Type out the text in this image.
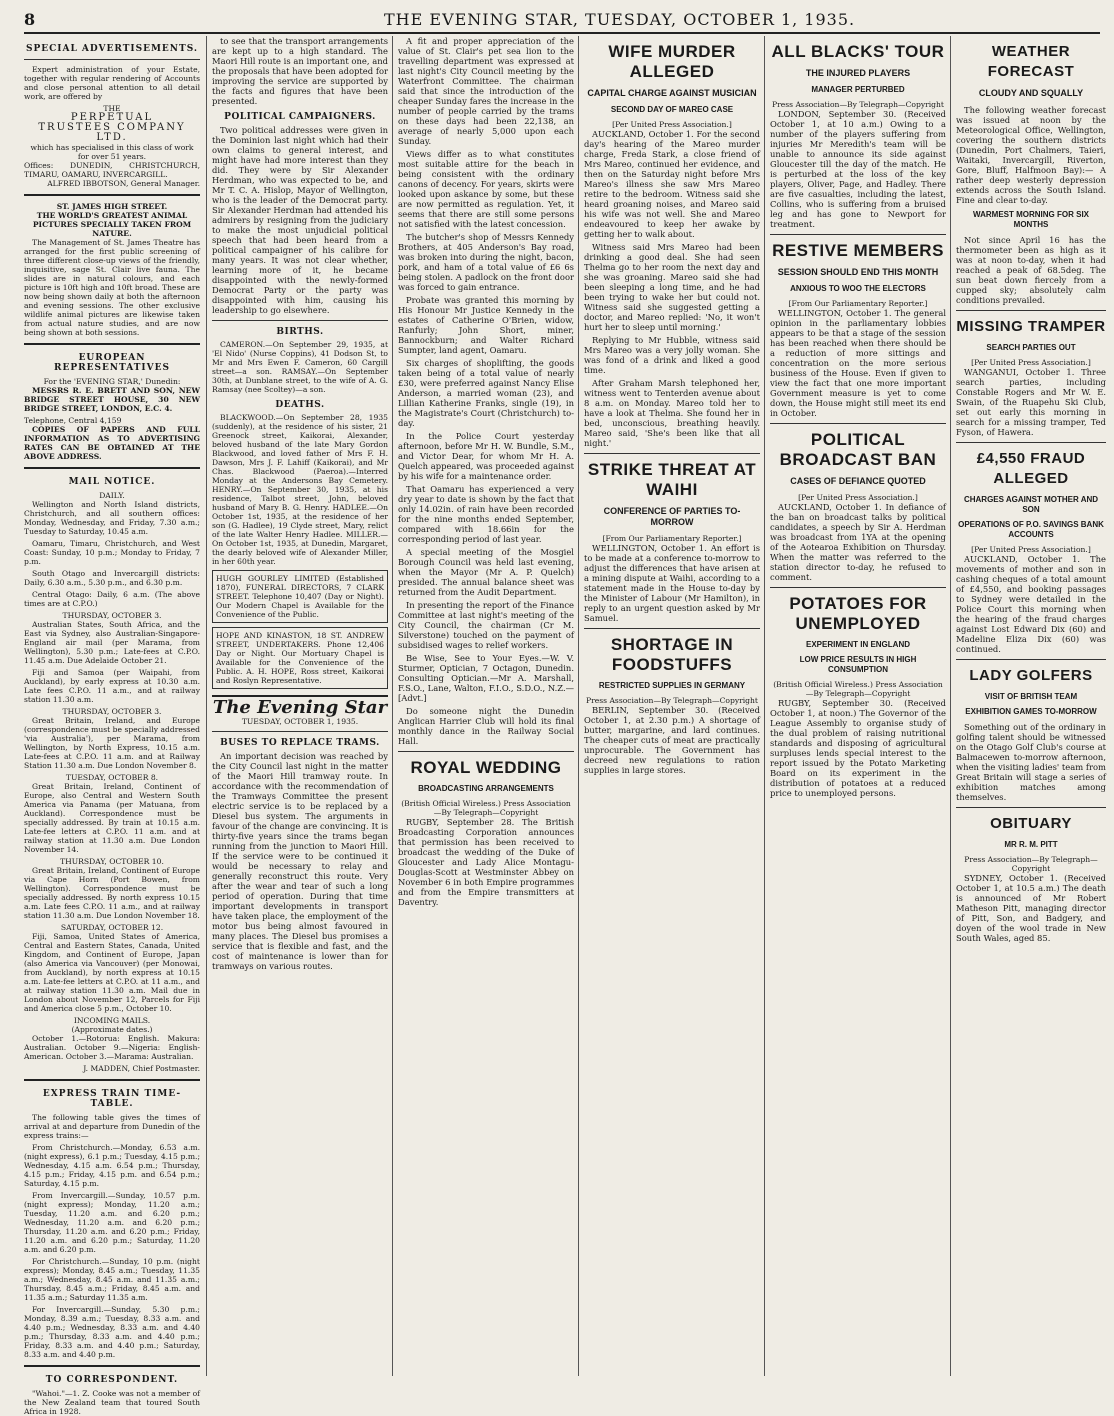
8	THE EVENING STAR, TUESDAY, OCTOBER 1, 1935.
SPECIAL ADVERTISEMENTS.

Expert administration of your Estate, together with regular rendering of Accounts and close personal attention to all detail work, are offered by

THE
PERPETUAL
TRUSTEES COMPANY LTD.
which has specialised in this class of work for over 51 years.
Offices: DUNEDIN, CHRISTCHURCH, TIMARU, OAMARU, INVERCARGILL.
ALFRED IBBOTSON, General Manager.
ST. JAMES HIGH STREET.
THE WORLD'S GREATEST ANIMAL PICTURES SPECIALLY TAKEN FROM NATURE.

The Management of St. James Theatre has arranged for the first public screening of three different close-up views of the friendly, inquisitive, sage St. Clair live fauna. The slides are in natural colours, and each picture is 10ft high and 10ft broad. These are now being shown daily at both the afternoon and evening sessions. The other exclusive wildlife animal pictures are likewise taken from actual nature studies, and are now being shown at both sessions.

EUROPEAN REPRESENTATIVES
For the 'EVENING STAR,' Dunedin:

MESSRS R. E. BRETT AND SON, NEW BRIDGE STREET HOUSE, 30 NEW BRIDGE STREET, LONDON, E.C. 4.

Telephone, Central 4,159

COPIES OF PAPERS AND FULL INFORMATION AS TO ADVERTISING RATES CAN BE OBTAINED AT THE ABOVE ADDRESS.

MAIL NOTICE.
DAILY.

Wellington and North Island districts, Christchurch, and all southern offices: Monday, Wednesday, and Friday, 7.30 a.m.; Tuesday to Saturday, 10.45 a.m.

Oamaru, Timaru, Christchurch, and West Coast: Sunday, 10 p.m.; Monday to Friday, 7 p.m.

South Otago and Invercargill districts: Daily, 6.30 a.m., 5.30 p.m., and 6.30 p.m.

Central Otago: Daily, 6 a.m. (The above times are at C.P.O.)

THURSDAY, OCTOBER 3.

Australian States, South Africa, and the East via Sydney, also Australian-Singapore-England air mail (per Marama, from Wellington), 5.30 p.m.; Late-fees at C.P.O. 11.45 a.m. Due Adelaide October 21.

Fiji and Samoa (per Waipahi, from Auckland), by early express at 10.30 a.m. Late fees C.P.O. 11 a.m., and at railway station 11.30 a.m.

THURSDAY, OCTOBER 3.

Great Britain, Ireland, and Europe (correspondence must be specially addressed 'via Australia'), per Marama, from Wellington, by North Express, 10.15 a.m. Late-fees at C.P.O. 11 a.m. and at Railway Station 11.30 a.m. Due London November 8.

TUESDAY, OCTOBER 8.

Great Britain, Ireland, Continent of Europe, also Central and Western South America via Panama (per Matuana, from Auckland). Correspondence must be specially addressed. By train at 10.15 a.m. Late-fee letters at C.P.O. 11 a.m. and at railway station at 11.30 a.m. Due London November 14.

THURSDAY, OCTOBER 10.

Great Britain, Ireland, Continent of Europe via Cape Horn (Port Bowen, from Wellington). Correspondence must be specially addressed. By north express 10.15 a.m. Late fees C.P.O. 11 a.m., and at railway station 11.30 a.m. Due London November 18.

SATURDAY, OCTOBER 12.

Fiji, Samoa, United States of America, Central and Eastern States, Canada, United Kingdom, and Continent of Europe, Japan (also America via Vancouver) (per Monowai, from Auckland), by north express at 10.15 a.m. Late-fee letters at C.P.O. at 11 a.m., and at railway station 11.30 a.m. Mail due in London about November 12, Parcels for Fiji and America close 5 p.m., October 10.

INCOMING MAILS.
(Approximate dates.)

October 1.—Rotorua: English. Makura: Australian. October 9.—Nigeria: English-American. October 3.—Marama: Australian.

J. MADDEN, Chief Postmaster.
EXPRESS TRAIN TIME-TABLE.

The following table gives the times of arrival at and departure from Dunedin of the express trains:—

From Christchurch.—Monday, 6.53 a.m. (night express), 6.1 p.m.; Tuesday, 4.15 p.m.; Wednesday, 4.15 a.m. 6.54 p.m.; Thursday, 4.15 p.m.; Friday, 4.15 p.m. and 6.54 p.m.; Saturday, 4.15 p.m.

From Invercargill.—Sunday, 10.57 p.m. (night express); Monday, 11.20 a.m.; Tuesday, 11.20 a.m. and 6.20 p.m.; Wednesday, 11.20 a.m. and 6.20 p.m.; Thursday, 11.20 a.m. and 6.20 p.m.; Friday, 11.20 a.m. and 6.20 p.m.; Saturday, 11.20 a.m. and 6.20 p.m.

For Christchurch.—Sunday, 10 p.m. (night express); Monday, 8.45 a.m.; Tuesday, 11.35 a.m.; Wednesday, 8.45 a.m. and 11.35 a.m.; Thursday, 8.45 a.m.; Friday, 8.45 a.m. and 11.35 a.m.; Saturday 11.35 a.m.

For Invercargill.—Sunday, 5.30 p.m.; Monday, 8.39 a.m.; Tuesday, 8.33 a.m. and 4.40 p.m.; Wednesday, 8.33 a.m. and 4.40 p.m.; Thursday, 8.33 a.m. and 4.40 p.m.; Friday, 8.33 a.m. and 4.40 p.m.; Saturday, 8.33 a.m. and 4.40 p.m.

TO CORRESPONDENT.

"Wahoi."—1. Z. Cooke was not a member of the New Zealand team that toured South Africa in 1928.

to see that the transport arrangements are kept up to a high standard. The Maori Hill route is an important one, and the proposals that have been adopted for improving the service are supported by the facts and figures that have been presented.

POLITICAL CAMPAIGNERS.

Two political addresses were given in the Dominion last night which had their own claims to general interest, and might have had more interest than they did. They were by Sir Alexander Herdman, who was expected to be, and Mr T. C. A. Hislop, Mayor of Wellington, who is the leader of the Democrat party. Sir Alexander Herdman had attended his admirers by resigning from the judiciary to make the most unjudicial political speech that had been heard from a political campaigner of his calibre for many years. It was not clear whether, learning more of it, he became disappointed with the newly-formed Democrat Party or the party was disappointed with him, causing his leadership to go elsewhere.

BIRTHS.

CAMERON.—On September 29, 1935, at 'El Nido' (Nurse Coppins), 41 Dodson St, to Mr and Mrs Ewen F. Cameron, 60 Cargill street—a son. RAMSAY.—On September 30th, at Dunblane street, to the wife of A. G. Ramsay (nee Scoltey)—a son.

DEATHS.

BLACKWOOD.—On September 28, 1935 (suddenly), at the residence of his sister, 21 Greenock street, Kaikorai, Alexander, beloved husband of the late Mary Gordon Blackwood, and loved father of Mrs F. H. Dawson, Mrs J. F. Lahiff (Kaikorai), and Mr Chas. Blackwood (Paeroa).—Interred Monday at the Andersons Bay Cemetery. HENRY.—On September 30, 1935, at his residence, Talbot street, John, beloved husband of Mary B. G. Henry. HADLEE.—On October 1st, 1935, at the residence of her son (G. Hadlee), 19 Clyde street, Mary, relict of the late Walter Henry Hadlee. MILLER.—On October 1st, 1935, at Dunedin, Margaret, the dearly beloved wife of Alexander Miller, in her 60th year.

HUGH GOURLEY LIMITED (Established 1870), FUNERAL DIRECTORS, 7 CLARK STREET. Telephone 10,407 (Day or Night). Our Modern Chapel is Available for the Convenience of the Public.
HOPE AND KINASTON, 18 ST. ANDREW STREET, UNDERTAKERS. Phone 12,406 Day or Night. Our Mortuary Chapel is Available for the Convenience of the Public. A. H. HOPE, Ross street, Kaikorai and Roslyn Representative.
The Evening Star
TUESDAY, OCTOBER 1, 1935.
BUSES TO REPLACE TRAMS.

An important decision was reached by the City Council last night in the matter of the Maori Hill tramway route. In accordance with the recommendation of the Tramways Committee the present electric service is to be replaced by a Diesel bus system. The arguments in favour of the change are convincing. It is thirty-five years since the trams began running from the junction to Maori Hill. If the service were to be continued it would be necessary to relay and generally reconstruct this route. Very after the wear and tear of such a long period of operation. During that time important developments in transport have taken place, the employment of the motor bus being almost favoured in many places. The Diesel bus promises a service that is flexible and fast, and the cost of maintenance is lower than for tramways on various routes.

A fit and proper appreciation of the value of St. Clair's pet sea lion to the travelling department was expressed at last night's City Council meeting by the Waterfront Committee. The chairman said that since the introduction of the cheaper Sunday fares the increase in the number of people carried by the trams on these days had been 22,138, an average of nearly 5,000 upon each Sunday.

Views differ as to what constitutes most suitable attire for the beach in being consistent with the ordinary canons of decency. For years, skirts were looked upon askance by some, but these are now permitted as regulation. Yet, it seems that there are still some persons not satisfied with the latest concession.

The butcher's shop of Messrs Kennedy Brothers, at 405 Anderson's Bay road, was broken into during the night, bacon, pork, and ham of a total value of £6 6s being stolen. A padlock on the front door was forced to gain entrance.

Probate was granted this morning by His Honour Mr Justice Kennedy in the estates of Catherine O'Brien, widow, Ranfurly; John Short, miner, Bannockburn; and Walter Richard Sumpter, land agent, Oamaru.

Six charges of shoplifting, the goods taken being of a total value of nearly £30, were preferred against Nancy Elise Anderson, a married woman (23), and Lillian Katherine Franks, single (19), in the Magistrate's Court (Christchurch) to-day.

In the Police Court yesterday afternoon, before Mr H. W. Bundle, S.M., and Victor Dear, for whom Mr H. A. Quelch appeared, was proceeded against by his wife for a maintenance order.

That Oamaru has experienced a very dry year to date is shown by the fact that only 14.02in. of rain have been recorded for the nine months ended September, compared with 18.66in for the corresponding period of last year.

A special meeting of the Mosgiel Borough Council was held last evening, when the Mayor (Mr A. P. Quelch) presided. The annual balance sheet was returned from the Audit Department.

In presenting the report of the Finance Committee at last night's meeting of the City Council, the chairman (Cr M. Silverstone) touched on the payment of subsidised wages to relief workers.

Be Wise, See to Your Eyes.—W. V. Sturmer, Optician, 7 Octagon, Dunedin. Consulting Optician.—Mr A. Marshall, F.S.O., Lane, Walton, F.I.O., S.D.O., N.Z.—[Advt.]

Do someone night the Dunedin Anglican Harrier Club will hold its final monthly dance in the Railway Social Hall.

ROYAL WEDDING
BROADCASTING ARRANGEMENTS
(British Official Wireless.) Press Association—By Telegraph—Copyright

RUGBY, September 28. The British Broadcasting Corporation announces that permission has been received to broadcast the wedding of the Duke of Gloucester and Lady Alice Montagu-Douglas-Scott at Westminster Abbey on November 6 in both Empire programmes and from the Empire transmitters at Daventry.

WIFE MURDER ALLEGED
CAPITAL CHARGE AGAINST MUSICIAN
SECOND DAY OF MAREO CASE
[Per United Press Association.]

AUCKLAND, October 1. For the second day's hearing of the Mareo murder charge, Freda Stark, a close friend of Mrs Mareo, continued her evidence, and then on the Saturday night before Mrs Mareo's illness she saw Mrs Mareo retire to the bedroom. Witness said she heard groaning noises, and Mareo said his wife was not well. She and Mareo endeavoured to keep her awake by getting her to walk about.

Witness said Mrs Mareo had been drinking a good deal. She had seen Thelma go to her room the next day and she was groaning. Mareo said she had been sleeping a long time, and he had been trying to wake her but could not. Witness said she suggested getting a doctor, and Mareo replied: 'No, it won't hurt her to sleep until morning.'

Replying to Mr Hubble, witness said Mrs Mareo was a very jolly woman. She was fond of a drink and liked a good time.

After Graham Marsh telephoned her, witness went to Tenterden avenue about 8 a.m. on Monday. Mareo told her to have a look at Thelma. She found her in bed, unconscious, breathing heavily. Mareo said, 'She's been like that all night.'

STRIKE THREAT AT WAIHI
CONFERENCE OF PARTIES TO-MORROW
[From Our Parliamentary Reporter.]

WELLINGTON, October 1. An effort is to be made at a conference to-morrow to adjust the differences that have arisen at a mining dispute at Waihi, according to a statement made in the House to-day by the Minister of Labour (Mr Hamilton), in reply to an urgent question asked by Mr Samuel.

SHORTAGE IN FOODSTUFFS
RESTRICTED SUPPLIES IN GERMANY
Press Association—By Telegraph—Copyright

BERLIN, September 30. (Received October 1, at 2.30 p.m.) A shortage of butter, margarine, and lard continues. The cheaper cuts of meat are practically unprocurable. The Government has decreed new regulations to ration supplies in large stores.

ALL BLACKS' TOUR
THE INJURED PLAYERS
MANAGER PERTURBED
Press Association—By Telegraph—Copyright

LONDON, September 30. (Received October 1, at 10 a.m.) Owing to a number of the players suffering from injuries Mr Meredith's team will be unable to announce its side against Gloucester till the day of the match. He is perturbed at the loss of the key players, Oliver, Page, and Hadley. There are five casualties, including the latest, Collins, who is suffering from a bruised leg and has gone to Newport for treatment.

RESTIVE MEMBERS
SESSION SHOULD END THIS MONTH
ANXIOUS TO WOO THE ELECTORS
[From Our Parliamentary Reporter.]

WELLINGTON, October 1. The general opinion in the parliamentary lobbies appears to be that a stage of the session has been reached when there should be a reduction of more sittings and concentration on the more serious business of the House. Even if given to view the fact that one more important Government measure is yet to come down, the House might still meet its end in October.

POLITICAL BROADCAST BAN
CASES OF DEFIANCE QUOTED
[Per United Press Association.]

AUCKLAND, October 1. In defiance of the ban on broadcast talks by political candidates, a speech by Sir A. Herdman was broadcast from 1YA at the opening of the Aotearoa Exhibition on Thursday. When the matter was referred to the station director to-day, he refused to comment.

POTATOES FOR UNEMPLOYED
EXPERIMENT IN ENGLAND
LOW PRICE RESULTS IN HIGH CONSUMPTION
(British Official Wireless.) Press Association—By Telegraph—Copyright

RUGBY, September 30. (Received October 1, at noon.) The Governor of the League Assembly to organise study of the dual problem of raising nutritional standards and disposing of agricultural surpluses lends special interest to the report issued by the Potato Marketing Board on its experiment in the distribution of potatoes at a reduced price to unemployed persons.

WEATHER FORECAST
CLOUDY AND SQUALLY

The following weather forecast was issued at noon by the Meteorological Office, Wellington, covering the southern districts (Dunedin, Port Chalmers, Taieri, Waitaki, Invercargill, Riverton, Gore, Bluff, Halfmoon Bay):— A rather deep westerly depression extends across the South Island. Fine and clear to-day.

WARMEST MORNING FOR SIX MONTHS

Not since April 16 has the thermometer been as high as it was at noon to-day, when it had reached a peak of 68.5deg. The sun beat down fiercely from a cupped sky; absolutely calm conditions prevailed.

MISSING TRAMPER
SEARCH PARTIES OUT
[Per United Press Association.]

WANGANUI, October 1. Three search parties, including Constable Rogers and Mr W. E. Swain, of the Ruapehu Ski Club, set out early this morning in search for a missing tramper, Ted Fyson, of Hawera.

£4,550 FRAUD ALLEGED
CHARGES AGAINST MOTHER AND SON
OPERATIONS OF P.O. SAVINGS BANK ACCOUNTS
[Per United Press Association.]

AUCKLAND, October 1. The movements of mother and son in cashing cheques of a total amount of £4,550, and booking passages to Sydney were detailed in the Police Court this morning when the hearing of the fraud charges against Lost Edward Dix (60) and Madeline Eliza Dix (60) was continued.

LADY GOLFERS
VISIT OF BRITISH TEAM
EXHIBITION GAMES TO-MORROW

Something out of the ordinary in golfing talent should be witnessed on the Otago Golf Club's course at Balmacewen to-morrow afternoon, when the visiting ladies' team from Great Britain will stage a series of exhibition matches among themselves.

OBITUARY
MR R. M. PITT
Press Association—By Telegraph—Copyright

SYDNEY, October 1. (Received October 1, at 10.5 a.m.) The death is announced of Mr Robert Matheson Pitt, managing director of Pitt, Son, and Badgery, and doyen of the wool trade in New South Wales, aged 85.
